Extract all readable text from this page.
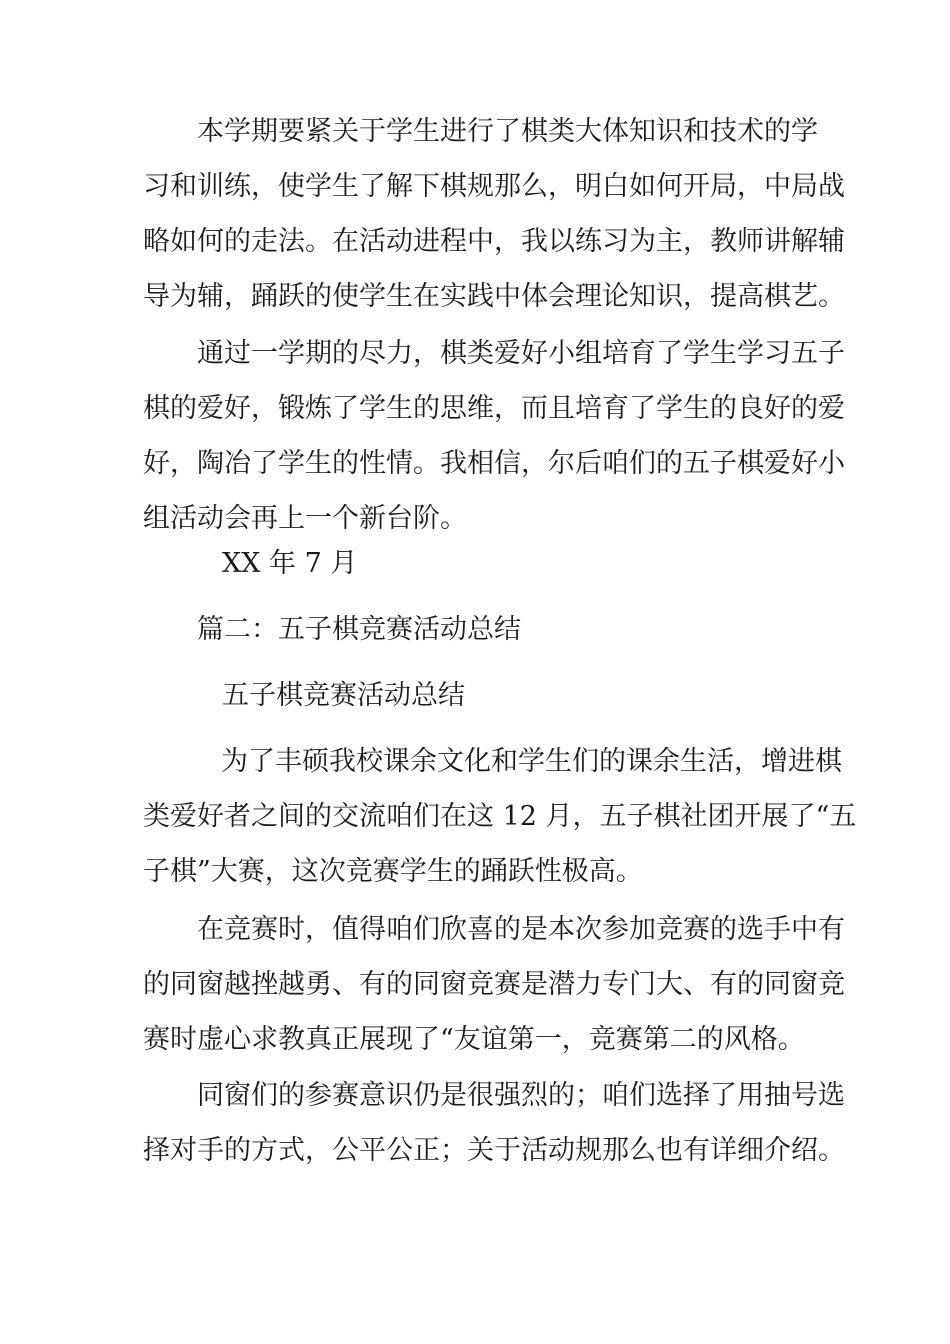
本学期要紧关于学生进行了棋类大体知识和技术的学
习和训练，使学生了解下棋规那么，明白如何开局，中局战
略如何的走法。在活动进程中，我以练习为主，教师讲解辅
导为辅，踊跃的使学生在实践中体会理论知识，提高棋艺。
通过一学期的尽力，棋类爱好小组培育了学生学习五子
棋的爱好，锻炼了学生的思维，而且培育了学生的良好的爱
好，陶冶了学生的性情。我相信，尔后咱们的五子棋爱好小
组活动会再上一个新台阶。

XX 年 7 月

篇二：五子棋竞赛活动总结

五子棋竞赛活动总结

为了丰硕我校课余文化和学生们的课余生活，增进棋
类爱好者之间的交流咱们在这 12 月，五子棋社团开展了“五
子棋”大赛，这次竞赛学生的踊跃性极高。
在竞赛时，值得咱们欣喜的是本次参加竞赛的选手中有
的同窗越挫越勇、有的同窗竞赛是潜力专门大、有的同窗竞
赛时虚心求教真正展现了“友谊第一，竞赛第二的风格。
同窗们的参赛意识仍是很强烈的；咱们选择了用抽号选
择对手的方式，公平公正；关于活动规那么也有详细介绍。
